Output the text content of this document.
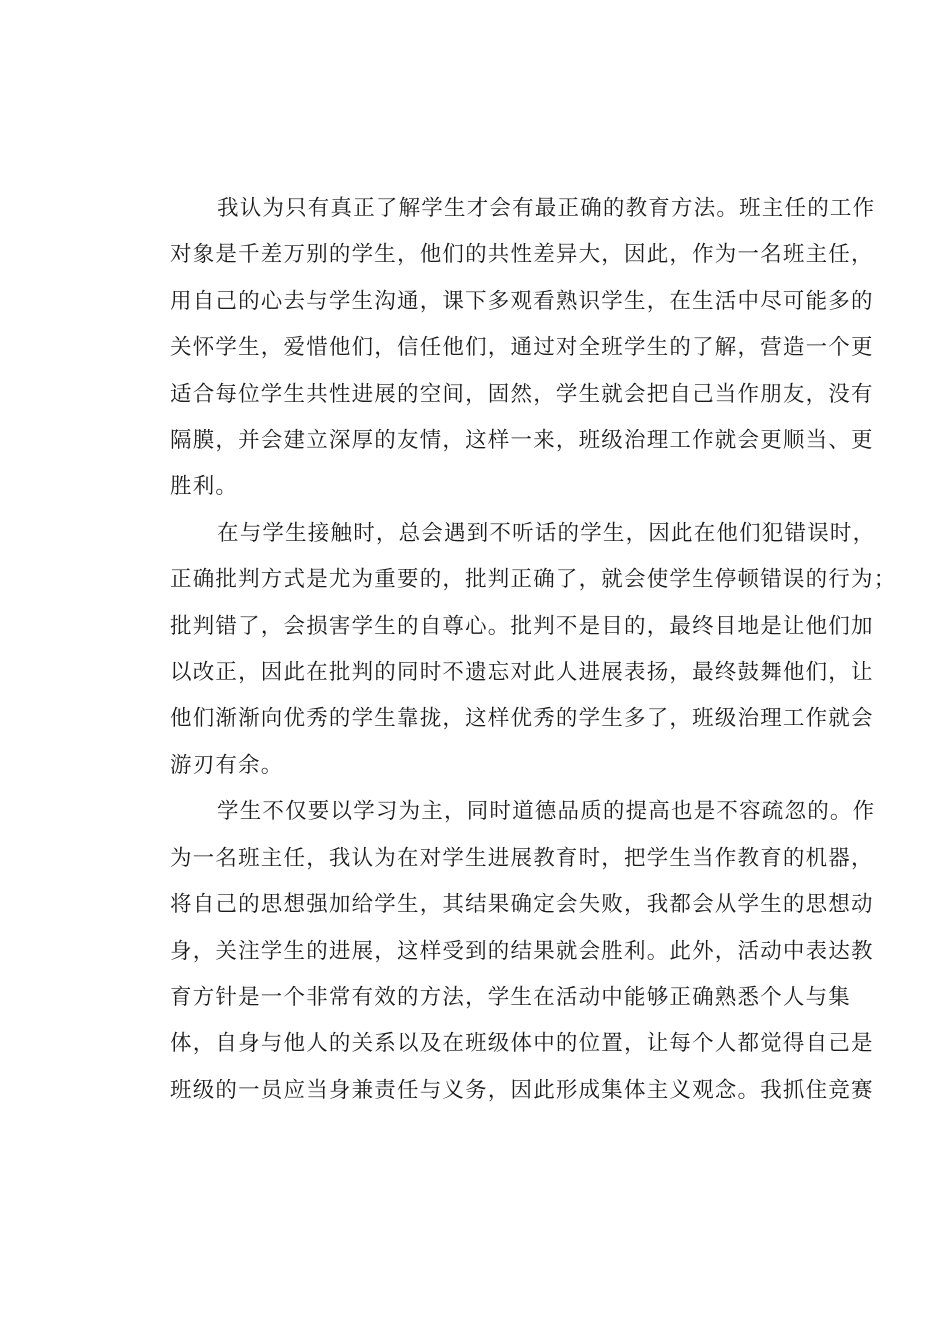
我认为只有真正了解学生才会有最正确的教育方法。班主任的工作
对象是千差万别的学生，他们的共性差异大，因此，作为一名班主任，
用自己的心去与学生沟通，课下多观看熟识学生，在生活中尽可能多的
关怀学生，爱惜他们，信任他们，通过对全班学生的了解，营造一个更
适合每位学生共性进展的空间，固然，学生就会把自己当作朋友，没有
隔膜，并会建立深厚的友情，这样一来，班级治理工作就会更顺当、更
胜利。
在与学生接触时，总会遇到不听话的学生，因此在他们犯错误时，
正确批判方式是尤为重要的，批判正确了，就会使学生停顿错误的行为；
批判错了，会损害学生的自尊心。批判不是目的，最终目地是让他们加
以改正，因此在批判的同时不遗忘对此人进展表扬，最终鼓舞他们，让
他们渐渐向优秀的学生靠拢，这样优秀的学生多了，班级治理工作就会
游刃有余。
学生不仅要以学习为主，同时道德品质的提高也是不容疏忽的。作
为一名班主任，我认为在对学生进展教育时，把学生当作教育的机器，
将自己的思想强加给学生，其结果确定会失败，我都会从学生的思想动
身，关注学生的进展，这样受到的结果就会胜利。此外，活动中表达教
育方针是一个非常有效的方法，学生在活动中能够正确熟悉个人与集
体，自身与他人的关系以及在班级体中的位置，让每个人都觉得自己是
班级的一员应当身兼责任与义务，因此形成集体主义观念。我抓住竞赛
